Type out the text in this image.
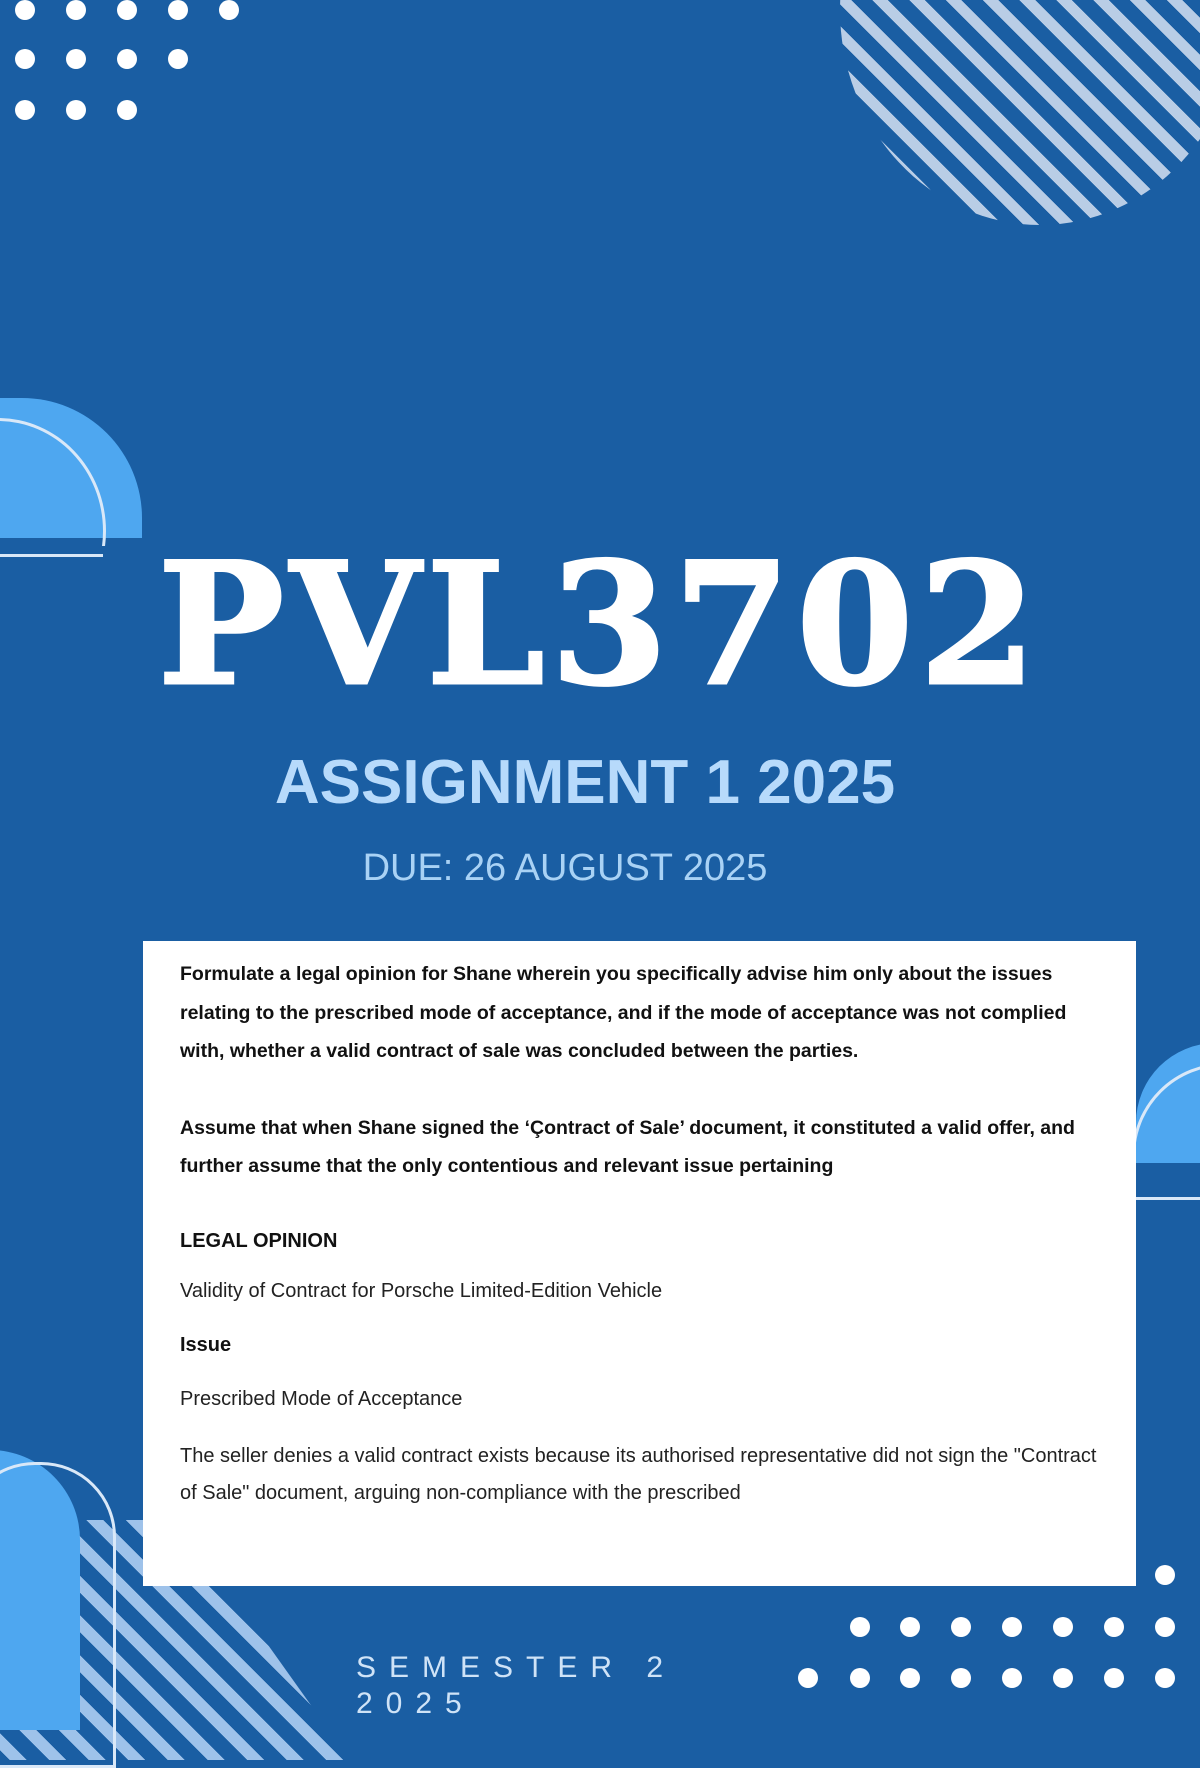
PVL3702
ASSIGNMENT 1 2025
DUE: 26 AUGUST 2025

Formulate a legal opinion for Shane wherein you specifically advise him only about the issues relating to the prescribed mode of acceptance, and if the mode of acceptance was not complied with, whether a valid contract of sale was concluded between the parties.

Assume that when Shane signed the ‘Çontract of Sale’ document, it constituted a valid offer, and further assume that the only contentious and relevant issue pertaining

LEGAL OPINION

Validity of Contract for Porsche Limited-Edition Vehicle

Issue

Prescribed Mode of Acceptance

The seller denies a valid contract exists because its authorised representative did not sign the "Contract of Sale" document, arguing non-compliance with the prescribed

SEMESTER 2 2025
